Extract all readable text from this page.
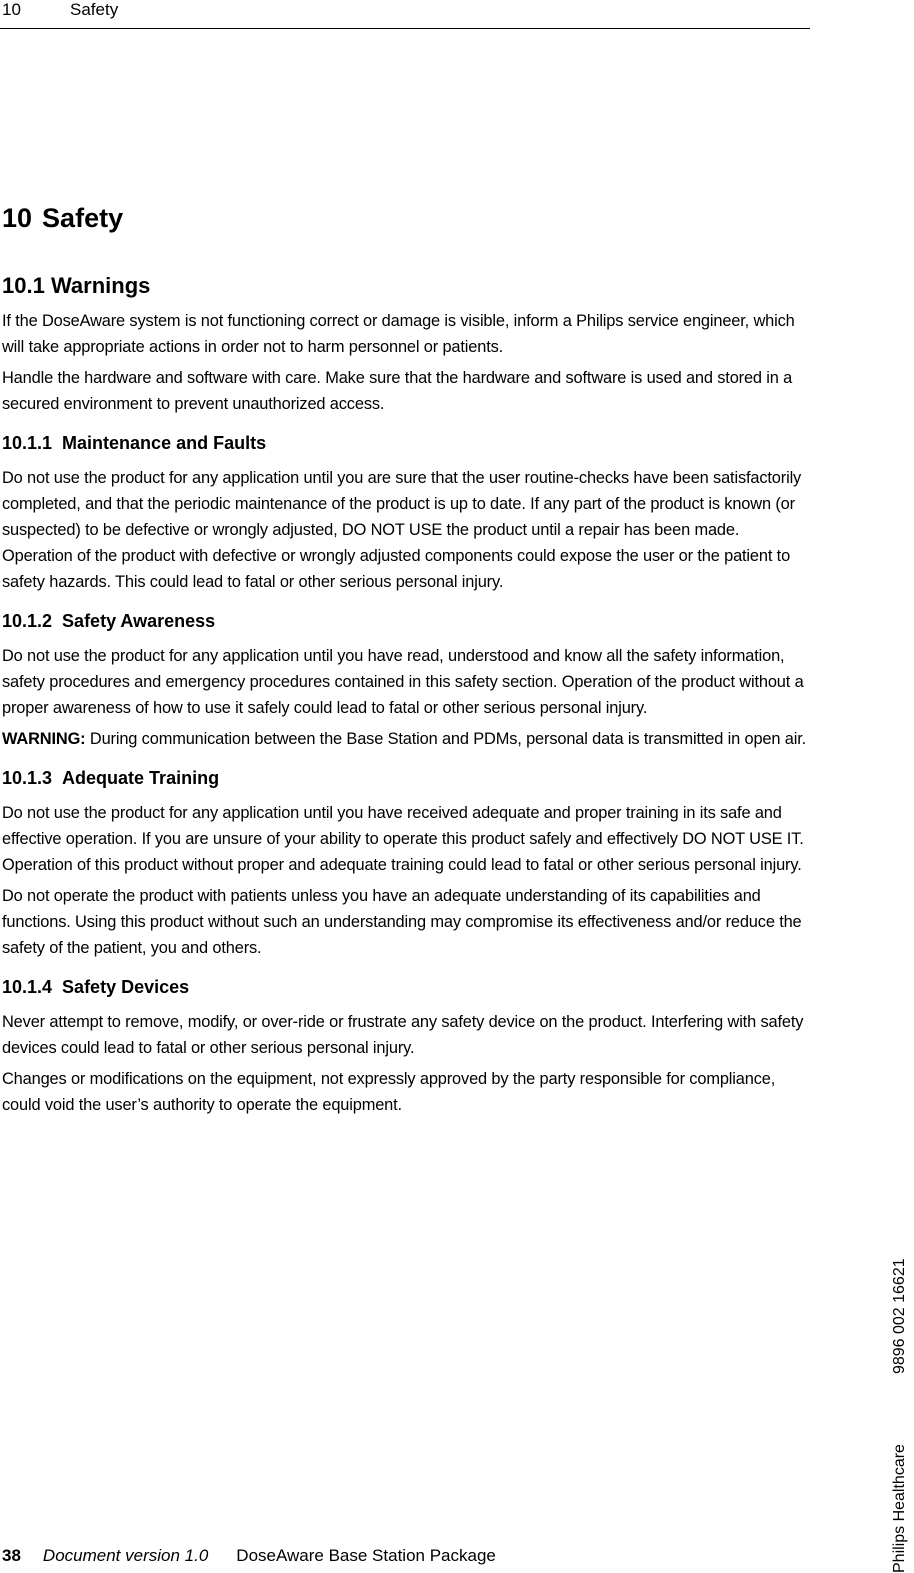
10	Safety
10 Safety
10.1 Warnings

If the DoseAware system is not functioning correct or damage is visible, inform a Philips service engineer, which will take appropriate actions in order not to harm personnel or patients.

Handle the hardware and software with care. Make sure that the hardware and software is used and stored in a secured environment to prevent unauthorized access.

10.1.1 Maintenance and Faults

Do not use the product for any application until you are sure that the user routine-checks have been satisfactorily completed, and that the periodic maintenance of the product is up to date. If any part of the product is known (or suspected) to be defective or wrongly adjusted, DO NOT USE the product until a repair has been made. Operation of the product with defective or wrongly adjusted components could expose the user or the patient to safety hazards. This could lead to fatal or other serious personal injury.

10.1.2 Safety Awareness

Do not use the product for any application until you have read, understood and know all the safety information, safety procedures and emergency procedures contained in this safety section. Operation of the product without a proper awareness of how to use it safely could lead to fatal or other serious personal injury.

WARNING: During communication between the Base Station and PDMs, personal data is transmitted in open air.

10.1.3 Adequate Training

Do not use the product for any application until you have received adequate and proper training in its safe and effective operation. If you are unsure of your ability to operate this product safely and effectively DO NOT USE IT. Operation of this product without proper and adequate training could lead to fatal or other serious personal injury.

Do not operate the product with patients unless you have an adequate understanding of its capabilities and functions. Using this product without such an understanding may compromise its effectiveness and/or reduce the safety of the patient, you and others.

10.1.4 Safety Devices

Never attempt to remove, modify, or over-ride or frustrate any safety device on the product. Interfering with safety devices could lead to fatal or other serious personal injury.

Changes or modifications on the equipment, not expressly approved by the party responsible for compliance, could void the user’s authority to operate the equipment.

38 Document version 1.0 DoseAware Base Station Package	Philips Healthcare9896 002 16621
